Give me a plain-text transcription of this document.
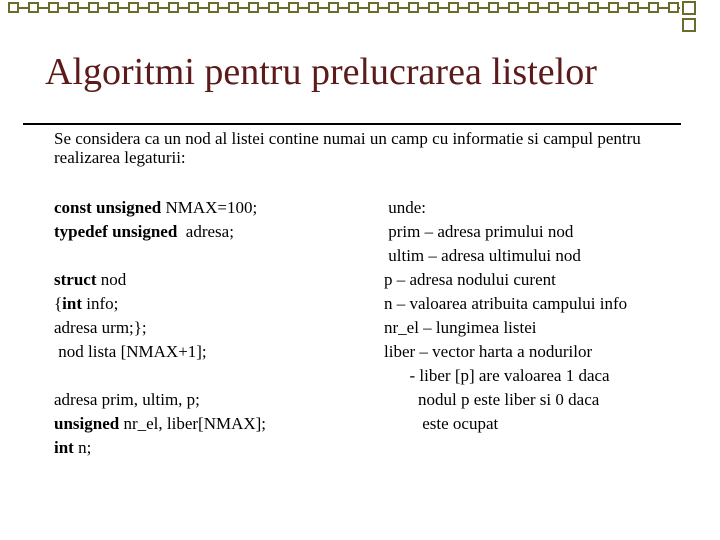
Algoritmi pentru prelucrarea listelor
Se considera ca un nod al listei contine numai un camp cu informatie si campul pentru realizarea legaturii:
const unsigned NMAX=100;
typedef unsigned  adresa;
struct nod
{int info;
adresa urm;};
nod lista [NMAX+1];
adresa prim, ultim, p;
unsigned nr_el, liber[NMAX];
int n;
unde:
prim – adresa primului nod
ultim – adresa ultimului nod
p – adresa nodului curent
n – valoarea atribuita campului info
nr_el – lungimea listei
liber – vector harta a nodurilor
- liber [p] are valoarea 1 daca
nodul p este liber si 0 daca
este ocupat
